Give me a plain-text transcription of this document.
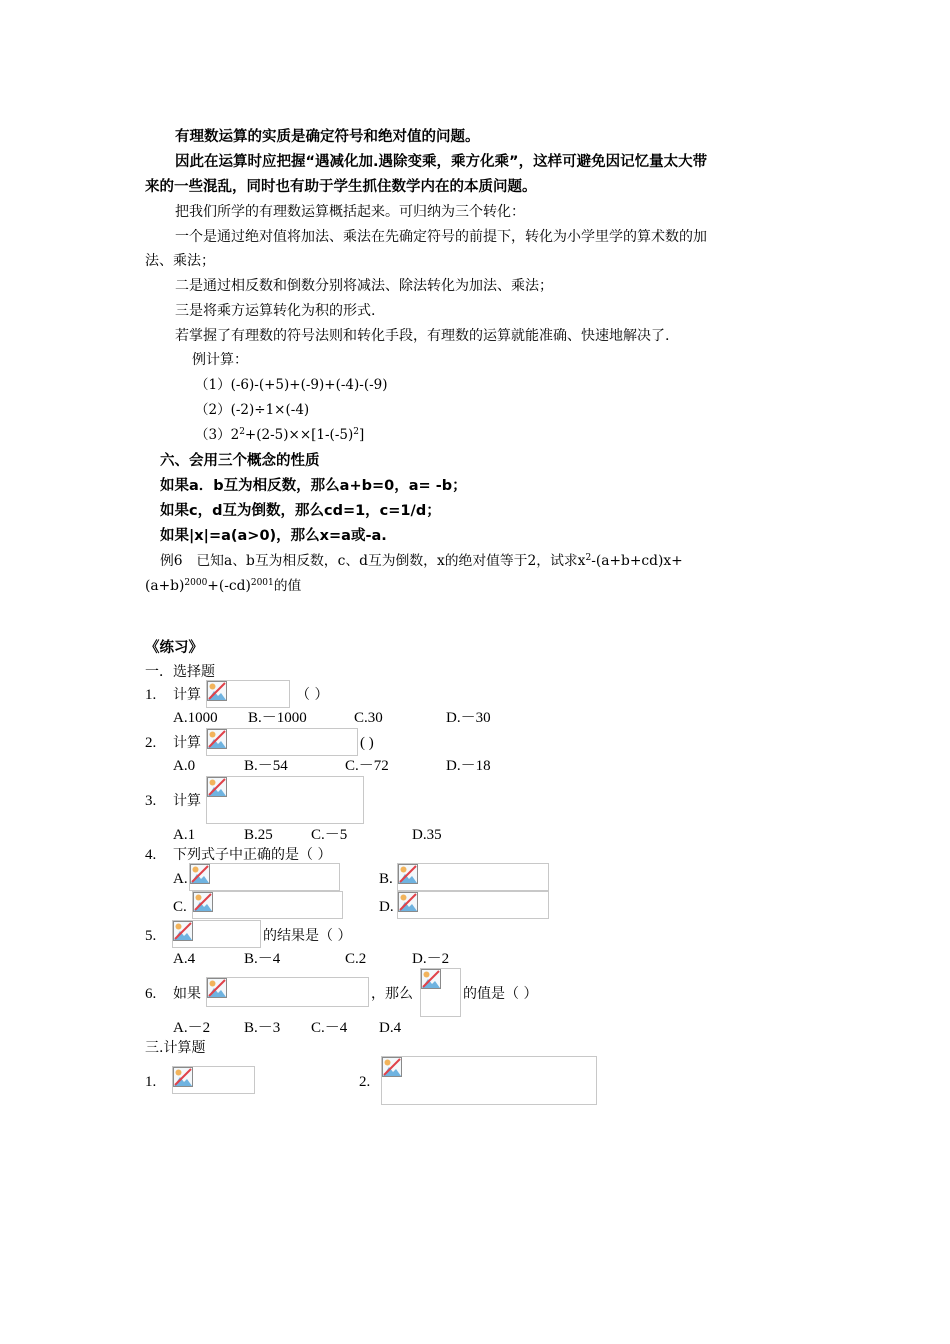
有理数运算的实质是确定符号和绝对值的问题。
因此在运算时应把握“遇减化加.遇除变乘，乘方化乘”，这样可避免因记忆量太大带
来的一些混乱，同时也有助于学生抓住数学内在的本质问题。
把我们所学的有理数运算概括起来。可归纳为三个转化：
一个是通过绝对值将加法、乘法在先确定符号的前提下，转化为小学里学的算术数的加
法、乘法；
二是通过相反数和倒数分别将减法、除法转化为加法、乘法；
三是将乘方运算转化为积的形式.
若掌握了有理数的符号法则和转化手段，有理数的运算就能准确、快速地解决了.
例计算：
（1）(-6)-(+5)+(-9)+(-4)-(-9)
（2）(-2)÷1×(-4)
$(3)2^2+(2-5)\times\times[1-(-5)^2]$
六、会用三个概念的性质
如果a．b互为相反数，那么a+b=0，a= -b；
如果c，d互为倒数，那么cd=1，c=1/d；
如果|x|=a(a>0)，那么x=a或-a.
例6　已知a、b互为相反数，c、d互为倒数，x的绝对值等于2，试求$x^2-(a+b+cd)x+$
$(a+b)^{2000}+(-cd)^{2001}$的值
《练习》
一．选择题
1. 计算	（ ）
A.1000 B.－1000	C.30	D.－30
2. 计算	( )
A.0	B.－54	C.－72	D.－18
3. 计算
A.1	B.25	C.－5	D.35
4. 下列式子中正确的是（ ）
A.	B.
C.	D.
5.	的结果是（ ）
A.4	B.－4	C.2	D.－2
6. 如果	，那么	的值是（ ）
A.－2 B.－3 C.－4 D.4
三.计算题
1.	2.
